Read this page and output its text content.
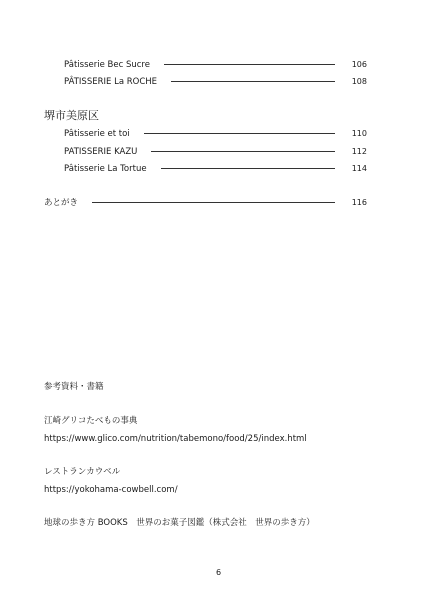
Pâtisserie Bec Sucre	106
PÂTISSERIE La ROCHE	108
堺市美原区
Pâtisserie et toi	110
PATISSERIE KAZU	112
Pâtisserie La Tortue	114
あとがき	116
参考資料・書籍
江崎グリコたべもの事典
https://www.glico.com/nutrition/tabemono/food/25/index.html
レストランカウベル
https://yokohama-cowbell.com/
地球の歩き方 BOOKS　世界のお菓子図鑑（株式会社　世界の歩き方）
6
